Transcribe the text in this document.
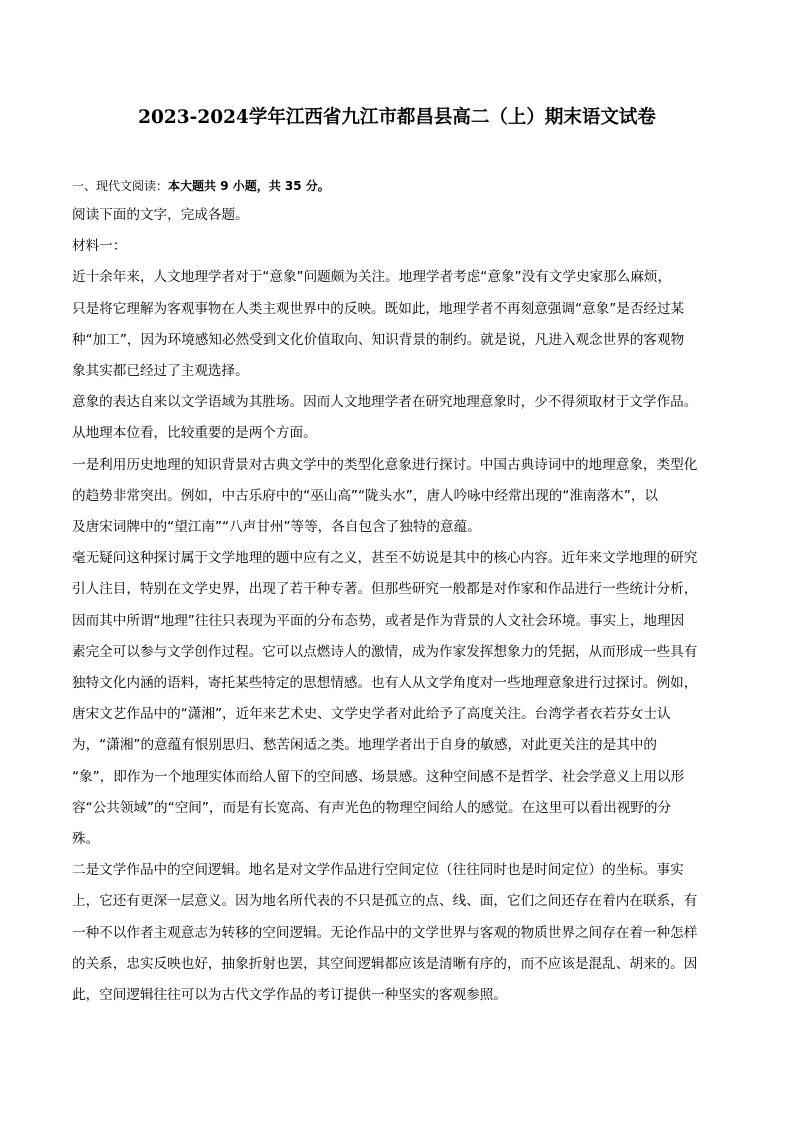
2023-2024学年江西省九江市都昌县高二（上）期末语文试卷

一、现代文阅读：本大题共 9 小题，共 35 分。

阅读下面的文字，完成各题。

材料一：

近十余年来，人文地理学者对于“意象”问题颇为关注。地理学者考虑“意象”没有文学史家那么麻烦，

只是将它理解为客观事物在人类主观世界中的反映。既如此，地理学者不再刻意强调“意象”是否经过某

种“加工”，因为环境感知必然受到文化价值取向、知识背景的制约。就是说，凡进入观念世界的客观物

象其实都已经过了主观选择。

意象的表达自来以文学语域为其胜场。因而人文地理学者在研究地理意象时，少不得须取材于文学作品。

从地理本位看，比较重要的是两个方面。

一是利用历史地理的知识背景对古典文学中的类型化意象进行探讨。中国古典诗词中的地理意象，类型化

的趋势非常突出。例如，中古乐府中的“巫山高”“陇头水”，唐人吟咏中经常出现的“淮南落木”，以

及唐宋词牌中的“望江南”“八声甘州”等等，各自包含了独特的意蕴。

毫无疑问这种探讨属于文学地理的题中应有之义，甚至不妨说是其中的核心内容。近年来文学地理的研究

引人注目，特别在文学史界，出现了若干种专著。但那些研究一般都是对作家和作品进行一些统计分析，

因而其中所谓“地理”往往只表现为平面的分布态势，或者是作为背景的人文社会环境。事实上，地理因

素完全可以参与文学创作过程。它可以点燃诗人的激情，成为作家发挥想象力的凭据，从而形成一些具有

独特文化内涵的语料，寄托某些特定的思想情感。也有人从文学角度对一些地理意象进行过探讨。例如，

唐宋文艺作品中的“潇湘”，近年来艺术史、文学史学者对此给予了高度关注。台湾学者衣若芬女士认

为，“潇湘”的意蕴有恨别思归、愁苦闲适之类。地理学者出于自身的敏感，对此更关注的是其中的

“象”，即作为一个地理实体而给人留下的空间感、场景感。这种空间感不是哲学、社会学意义上用以形

容“公共领域”的“空间”，而是有长宽高、有声光色的物理空间给人的感觉。在这里可以看出视野的分

殊。

二是文学作品中的空间逻辑。地名是对文学作品进行空间定位（往往同时也是时间定位）的坐标。事实

上，它还有更深一层意义。因为地名所代表的不只是孤立的点、线、面，它们之间还存在着内在联系，有

一种不以作者主观意志为转移的空间逻辑。无论作品中的文学世界与客观的物质世界之间存在着一种怎样

的关系，忠实反映也好，抽象折射也罢，其空间逻辑都应该是清晰有序的，而不应该是混乱、胡来的。因

此，空间逻辑往往可以为古代文学作品的考订提供一种坚实的客观参照。
